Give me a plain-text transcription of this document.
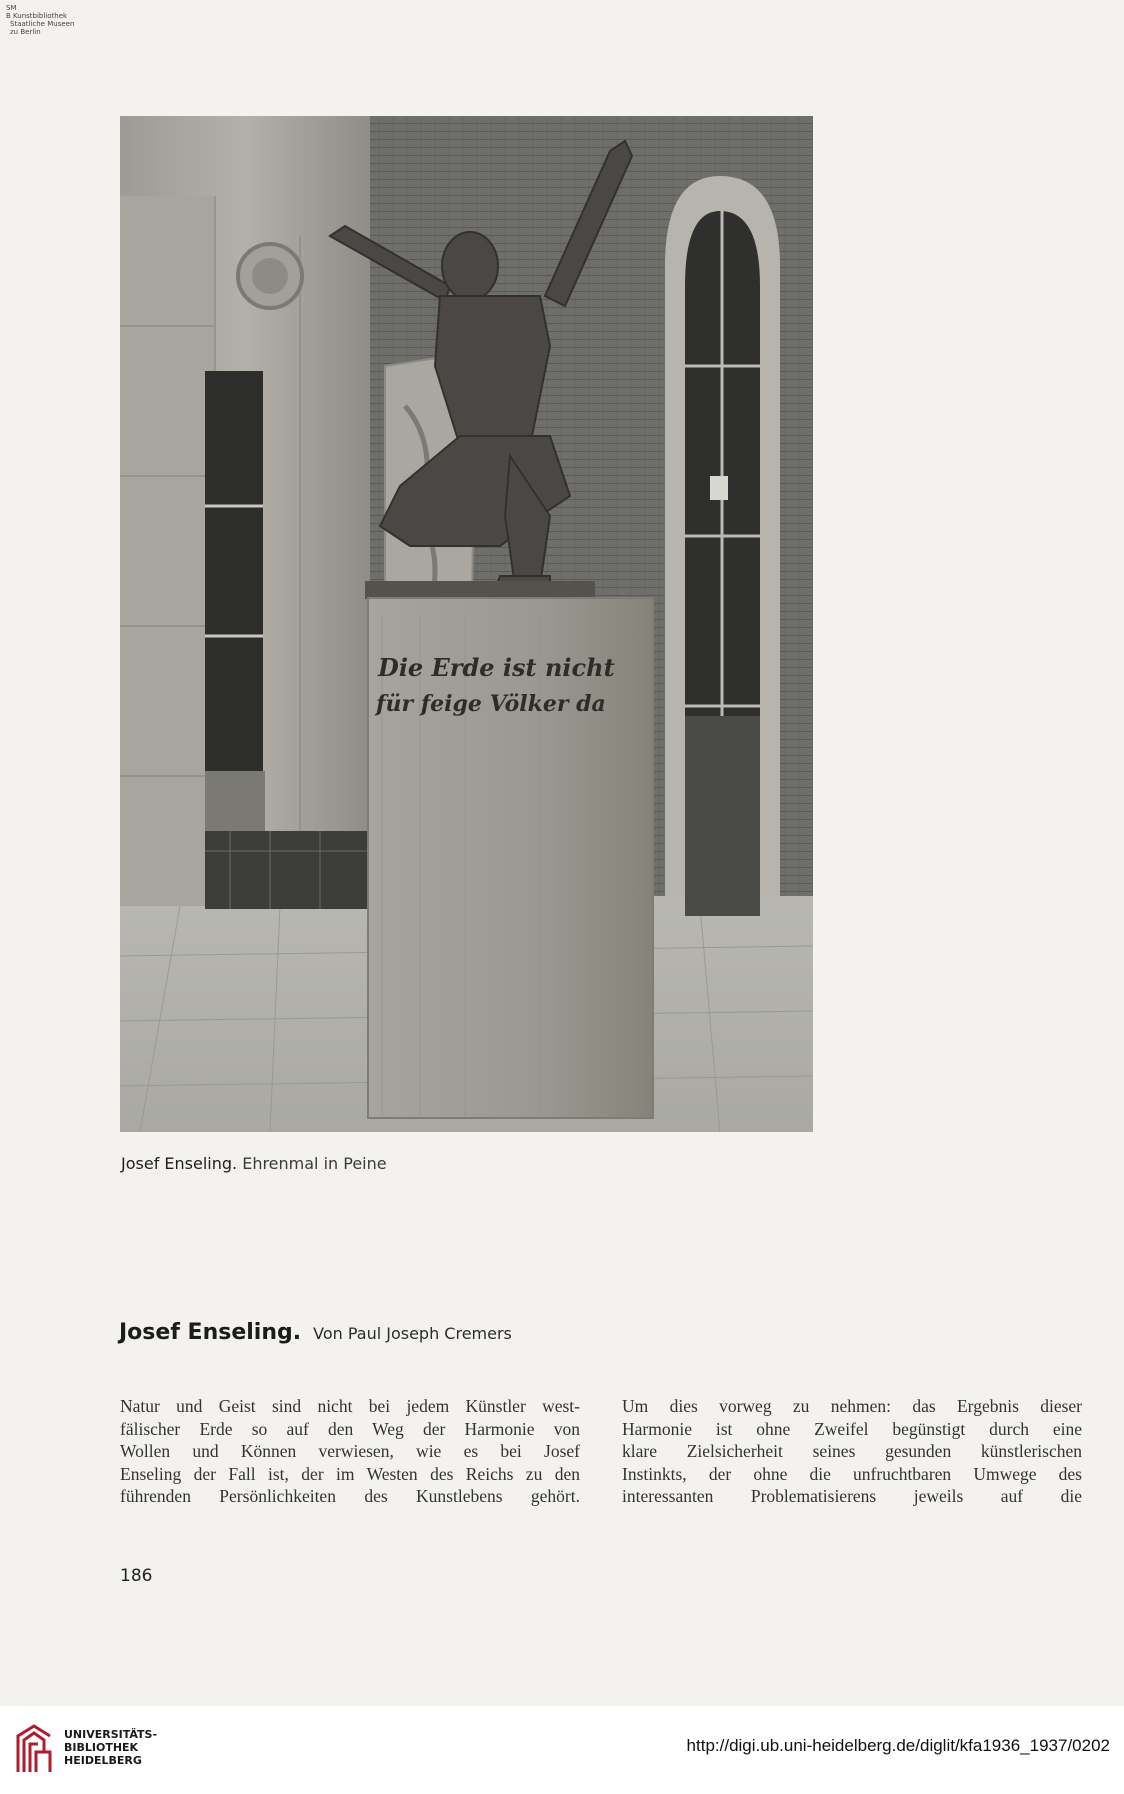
SM
B Kunstbibliothek
Staatliche Museen
zu Berlin
Die Erde ist nicht
für feige Völker da
Josef Enseling. Ehrenmal in Peine
Josef Enseling. Von Paul Joseph Cremers
Natur und Geist sind nicht bei jedem Künstler west-
fälischer Erde so auf den Weg der Harmonie von
Wollen und Können verwiesen, wie es bei Josef
Enseling der Fall ist, der im Westen des Reichs zu den
führenden Persönlichkeiten des Kunstlebens gehört.
Um dies vorweg zu nehmen: das Ergebnis dieser
Harmonie ist ohne Zweifel begünstigt durch eine
klare Zielsicherheit seines gesunden künstlerischen
Instinkts, der ohne die unfruchtbaren Umwege des
interessanten Problematisierens jeweils auf die
186
UNIVERSITÄTS-
BIBLIOTHEK
HEIDELBERG
http://digi.ub.uni-heidelberg.de/diglit/kfa1936_1937/0202
